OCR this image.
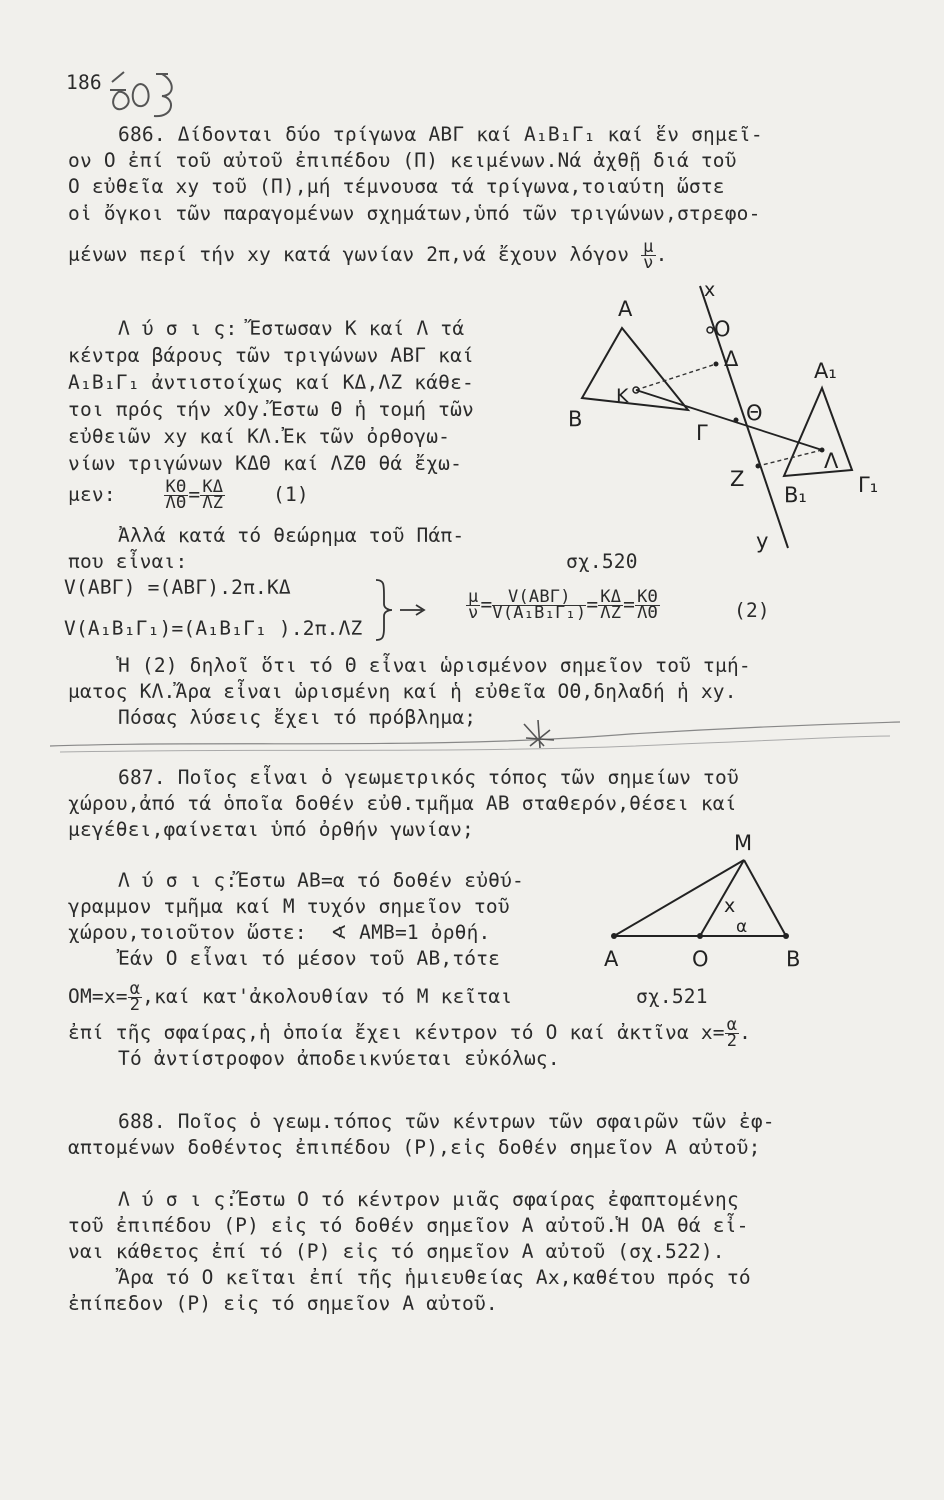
186
686. Δίδονται δύο τρίγωνα ΑΒΓ καί Α₁Β₁Γ₁ καί ἕν σημεῖ-
ον Ο ἐπί τοῦ αὐτοῦ ἐπιπέδου (Π) κειμένων.Νά ἀχθῇ διά τοῦ
Ο εὐθεῖα xy τοῦ (Π),μή τέμνουσα τά τρίγωνα,τοιαύτη ὥστε
οἱ ὄγκοι τῶν παραγομένων σχημάτων,ὑπό τῶν τριγώνων,στρεφο-
μένων περί τήν xy κατά γωνίαν 2π,νά ἔχουν λόγον $\frac{\mu}{\nu}$ .
Λ ύ σ ι ς: Ἔστωσαν Κ καί Λ τά
κέντρα βάρους τῶν τριγώνων ΑΒΓ καί
Α₁Β₁Γ₁ ἀντιστοίχως καί ΚΔ,ΛΖ κάθε-
τοι πρός τήν xOy.Ἔστω Θ ἡ τομή τῶν
εὐθειῶν xy καί ΚΛ.Ἐκ τῶν ὀρθογω-
νίων τριγώνων ΚΔΘ καί ΛΖΘ θά ἔχω-
μεν:	$\frac{K\Theta}{\Lambda\Theta} = \frac{K\Delta}{\Lambda Z} (1)$
Ἀλλά κατά τό θεώρημα τοῦ Πάπ-
που εἶναι:	σχ.520
V(ΑΒΓ) =(ΑΒΓ).2π.ΚΔ
V(Α₁Β₁Γ₁)=(Α₁Β₁Γ₁ ).2π.ΛΖ
$\frac{\mu}{\nu} = \frac{\text{V(ΑΒΓ)}}{\text{V(Α₁Β₁Γ₁)}} = \frac{K\Delta}{\Lambda Z} = \frac{K\Theta}{\Lambda\Theta}$	(2)
Ἡ (2) δηλοῖ ὅτι τό Θ εἶναι ὡρισμένον σημεῖον τοῦ τμή-
ματος ΚΛ.Ἄρα εἶναι ὡρισμένη καί ἡ εὐθεῖα ΟΘ,δηλαδή ἡ xy.
Πόσας λύσεις ἔχει τό πρόβλημα;
Α
Β
Γ
Κ
Ο
Δ
Θ
Ζ
Λ
Α₁
Β₁ Γ₁
x
y
687. Ποῖος εἶναι ὁ γεωμετρικός τόπος τῶν σημείων τοῦ
χώρου,ἀπό τά ὁποῖα δοθέν εὐθ.τμῆμα ΑΒ σταθερόν,θέσει καί
μεγέθει,φαίνεται ὑπό ὀρθήν γωνίαν;
Λ ύ σ ι ς:Ἔστω ΑΒ=α τό δοθέν εὐθύ-
γραμμον τμῆμα καί Μ τυχόν σημεῖον τοῦ
χώρου,τοιοῦτον ὥστε:  ∢ ΑΜΒ=1 ὀρθή.
Ἐάν Ο εἶναι τό μέσον τοῦ ΑΒ,τότε
$OM=x= \frac{\alpha}{2} ,\kappa\alpha ί$ κατ'ἀκολουθίαν τό Μ κεῖται	σχ.521
ἐπί τῆς σφαίρας,ἡ ὁποία ἔχει κέντρον τό Ο καί ἀκτῖνα $x= \frac{\alpha}{2}$ .
Τό ἀντίστροφον ἀποδεικνύεται εὐκόλως.
Μ
Α	Ο	Β
α
x
688. Ποῖος ὁ γεωμ.τόπος τῶν κέντρων τῶν σφαιρῶν τῶν ἐφ-
απτομένων δοθέντος ἐπιπέδου (Ρ),εἰς δοθέν σημεῖον Α αὐτοῦ;
Λ ύ σ ι ς:Ἔστω Ο τό κέντρον μιᾶς σφαίρας ἐφαπτομένης
τοῦ ἐπιπέδου (Ρ) εἰς τό δοθέν σημεῖον Α αὐτοῦ.Ἡ ΟΑ θά εἶ-
ναι κάθετος ἐπί τό (Ρ) εἰς τό σημεῖον Α αὐτοῦ (σχ.522).
Ἄρα τό Ο κεῖται ἐπί τῆς ἡμιευθείας Αx,καθέτου πρός τό
ἐπίπεδον (Ρ) εἰς τό σημεῖον Α αὐτοῦ.
